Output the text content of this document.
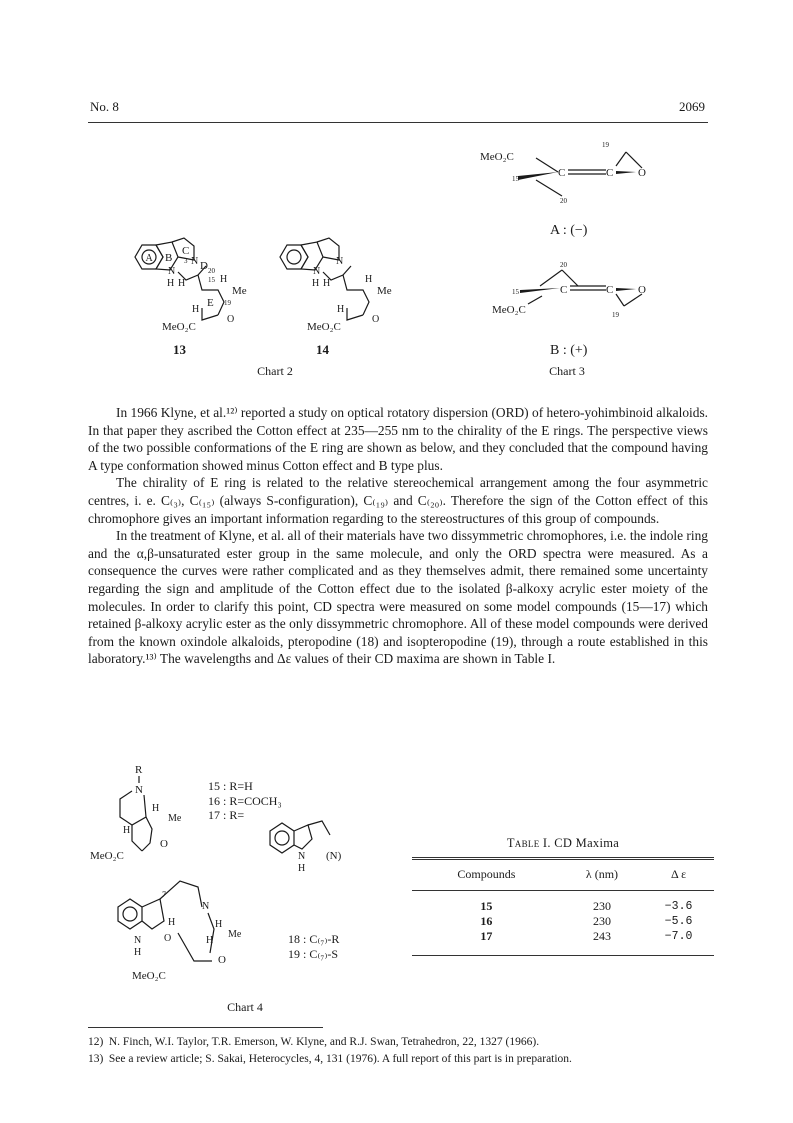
No. 8	2069
A B
C
N
3
N
H H
D 20
H
15
Me
E 19
H
O
MeO₂C
N
N
H H	H
Me
H
O
MeO₂C
13	14
Chart 2
MeO₂C
19
15	C	C O
20
A : (−)
20
15	C	C O
19
MeO₂C
B : (+)
Chart 3

In 1966 Klyne, et al.¹²⁾ reported a study on optical rotatory dispersion (ORD) of hetero-yohimbinoid alkaloids. In that paper they ascribed the Cotton effect at 235—255 nm to the chirality of the E rings. The perspective views of the two possible conformations of the E ring are shown as below, and they concluded that the compound having A type conformation showed minus Cotton effect and B type plus.

The chirality of E ring is related to the relative stereochemical arrangement among the four asymmetric centres, i. e. C₍₃₎, C₍₁₅₎ (always S-configuration), C₍₁₉₎ and C₍₂₀₎. Therefore the sign of the Cotton effect of this chromophore gives an important information regarding to the stereostructures of this group of compounds.

In the treatment of Klyne, et al. all of their materials have two dissymmetric chromophores, i.e. the indole ring and the α,β-unsaturated ester group in the same molecule, and only the ORD spectra were measured. As a consequence the curves were rather complicated and as they themselves admit, there remained some uncertainty regarding the sign and amplitude of the Cotton effect due to the isolated β-alkoxy acrylic ester moiety of the molecules. In order to clarify this point, CD spectra were measured on some model compounds (15—17) which retained β-alkoxy acrylic ester as the only dissymmetric chromophore. All of these model compounds were derived from the known oxindole alkaloids, pteropodine (18) and isopteropodine (19), through a route established in this laboratory.¹³⁾ The wavelengths and Δε values of their CD maxima are shown in Table I.

R
N
H
Me
O
H
MeO₂C
15 : R=H
16 : R=COCH₃
17 : R=
N
H
(N)
7
N
H	H
Me
H
O
N
H
O
MeO₂C
18 : C₍₇₎-R
19 : C₍₇₎-S
Chart 4
Table I. CD Maxima
Compounds	λ (nm)	Δ ε
15	230	−3.6
16	230	−5.6
17	243	−7.0
12) N. Finch, W.I. Taylor, T.R. Emerson, W. Klyne, and R.J. Swan, Tetrahedron, 22, 1327 (1966).
13) See a review article; S. Sakai, Heterocycles, 4, 131 (1976). A full report of this part is in preparation.
